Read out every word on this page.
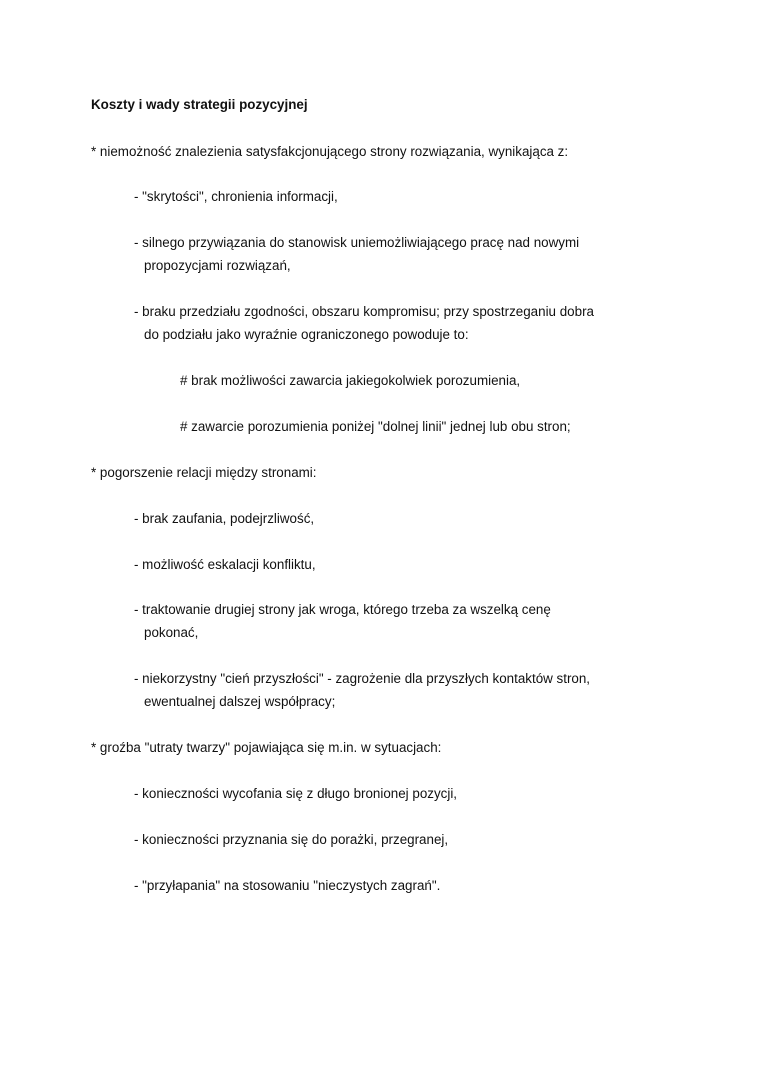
Koszty i wady strategii pozycyjnej
* niemożność znalezienia satysfakcjonującego strony rozwiązania, wynikająca z:
- "skrytości", chronienia informacji,
- silnego przywiązania do stanowisk uniemożliwiającego pracę nad nowymi
propozycjami rozwiązań,
- braku przedziału zgodności, obszaru kompromisu; przy spostrzeganiu dobra
do podziału jako wyraźnie ograniczonego powoduje to:
# brak możliwości zawarcia jakiegokolwiek porozumienia,
# zawarcie porozumienia poniżej "dolnej linii" jednej lub obu stron;
* pogorszenie relacji między stronami:
- brak zaufania, podejrzliwość,
- możliwość eskalacji konfliktu,
- traktowanie drugiej strony jak wroga, którego trzeba za wszelką cenę
pokonać,
- niekorzystny "cień przyszłości" - zagrożenie dla przyszłych kontaktów stron,
ewentualnej dalszej współpracy;
* groźba "utraty twarzy" pojawiająca się m.in. w sytuacjach:
- konieczności wycofania się z długo bronionej pozycji,
- konieczności przyznania się do porażki, przegranej,
- "przyłapania" na stosowaniu "nieczystych zagrań".
